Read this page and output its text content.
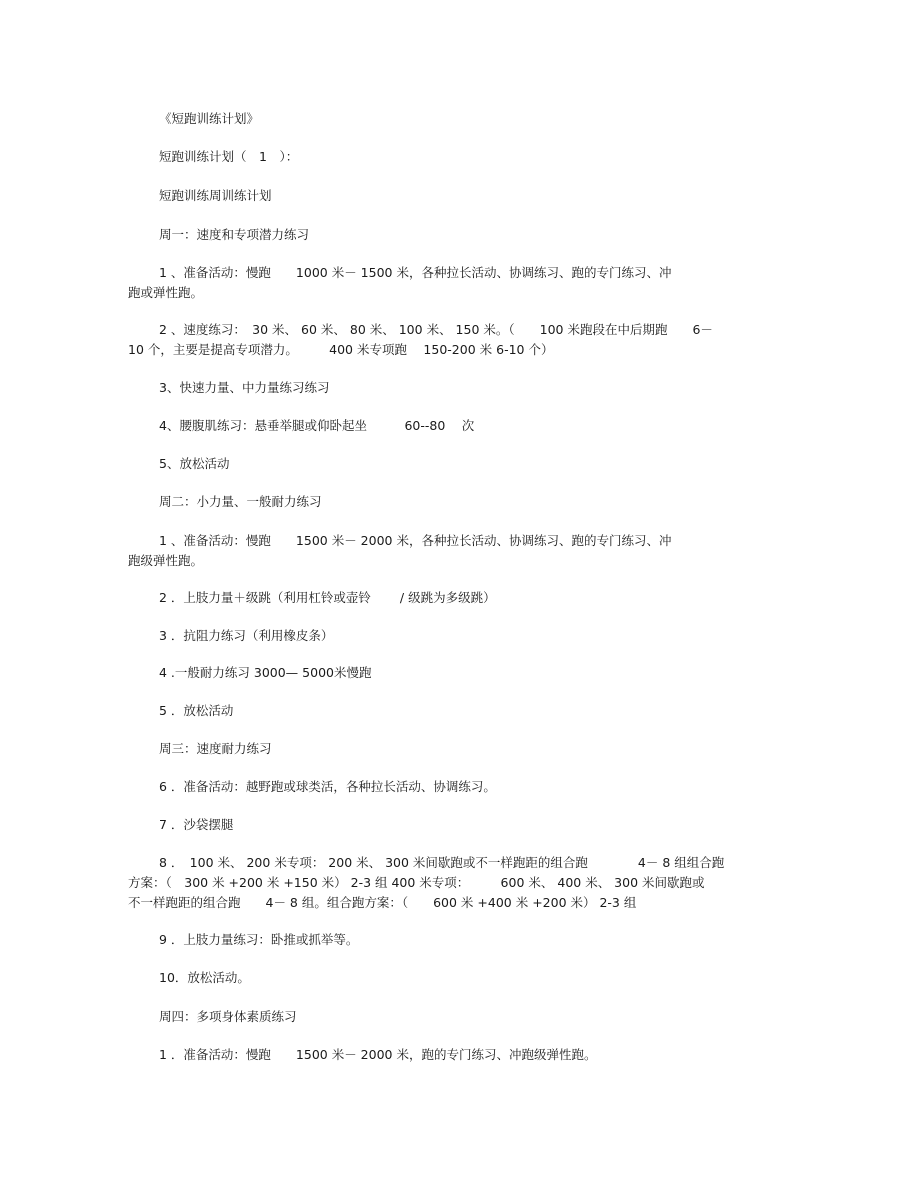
《短跑训练计划》
短跑训练计划（　1　）：
短跑训练周训练计划
周一：速度和专项潜力练习
1 、准备活动：慢跑　　1000 米－ 1500 米，各种拉长活动、协调练习、跑的专门练习、冲
跑或弹性跑。
2 、速度练习：　30 米、 60 米、 80 米、 100 米、 150 米。（　　100 米跑段在中后期跑　　6－
10 个，主要是提高专项潜力。　　　400 米专项跑　 150-200 米 6-10 个）
3、快速力量、中力量练习练习
4、腰腹肌练习：悬垂举腿或仰卧起坐　　　60--80　 次
5、放松活动
周二：小力量、一般耐力练习
1 、准备活动：慢跑　　1500 米－ 2000 米，各种拉长活动、协调练习、跑的专门练习、冲
跑级弹性跑。
2 ．上肢力量＋级跳（利用杠铃或壶铃　　 / 级跳为多级跳）
3 ．抗阻力练习（利用橡皮条）
4 .一般耐力练习 3000— 5000米慢跑
5 ．放松活动
周三：速度耐力练习
6 ．准备活动：越野跑或球类活，各种拉长活动、协调练习。
7 ．沙袋摆腿
8 ．　100 米、 200 米专项： 200 米、 300 米间歇跑或不一样跑距的组合跑　　　　4－ 8 组组合跑
方案：（　300 米 +200 米 +150 米） 2-3 组 400 米专项：　　　600 米、 400 米、 300 米间歇跑或
不一样跑距的组合跑　　4－ 8 组。组合跑方案：（　　600 米 +400 米 +200 米） 2-3 组
9 ．上肢力量练习：卧推或抓举等。
10．放松活动。
周四：多项身体素质练习
1 ．准备活动：慢跑　　1500 米－ 2000 米，跑的专门练习、冲跑级弹性跑。
